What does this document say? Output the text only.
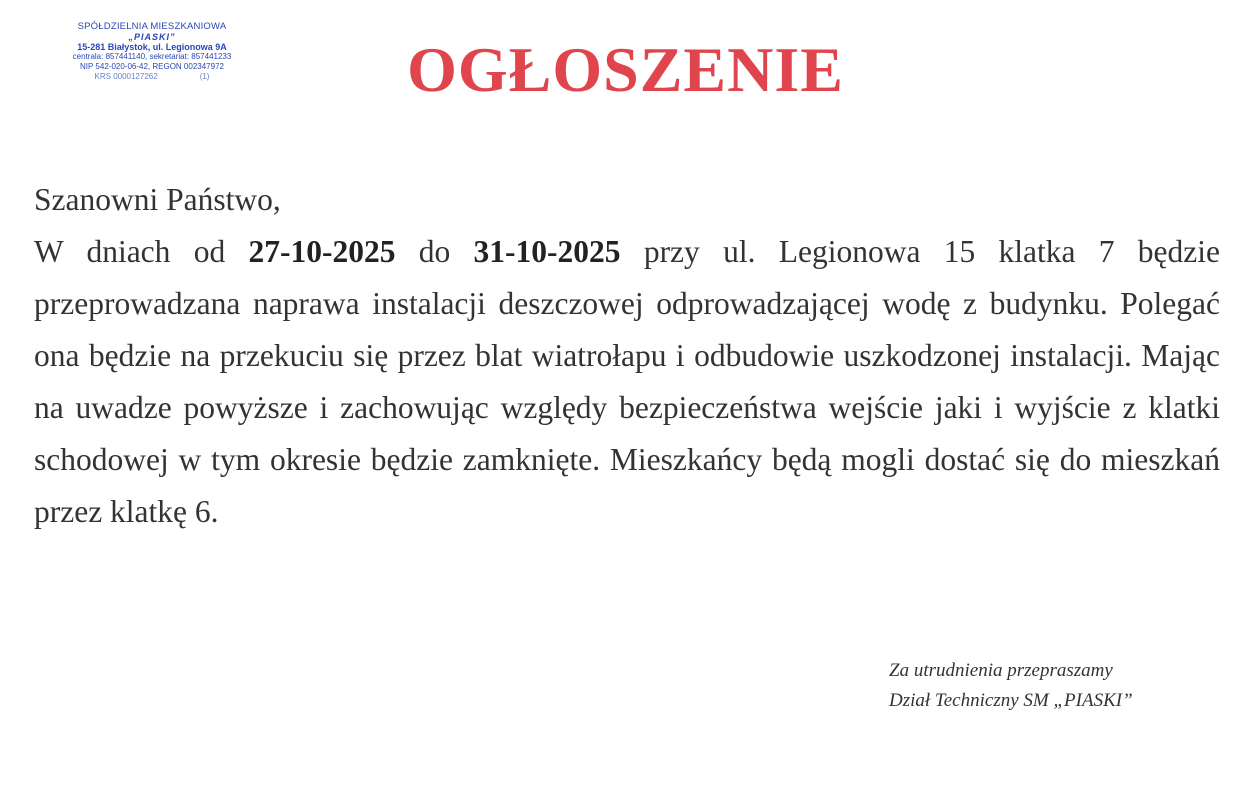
SPÓŁDZIELNIA MIESZKANIOWA
„PIASKI”
15-281 Białystok, ul. Legionowa 9A
centrala: 857441140, sekretariat: 857441233
NIP 542-020-06-42, REGON 002347972
KRS 0000127262	(1)	OGŁOSZENIE

Szanowni Państwo,

W dniach od 27-10-2025 do 31-10-2025 przy ul. Legionowa 15 klatka 7 będzie przeprowadzana naprawa instalacji deszczowej odprowadzającej wodę z budynku. Polegać ona będzie na przekuciu się przez blat wiatrołapu i odbudowie uszkodzonej instalacji. Mając na uwadze powyższe i zachowując względy bezpieczeństwa wejście jaki i wyjście z klatki schodowej w tym okresie będzie zamknięte. Mieszkańcy będą mogli dostać się do mieszkań przez klatkę 6.

Za utrudnienia przepraszamy
Dział Techniczny SM „PIASKI”
